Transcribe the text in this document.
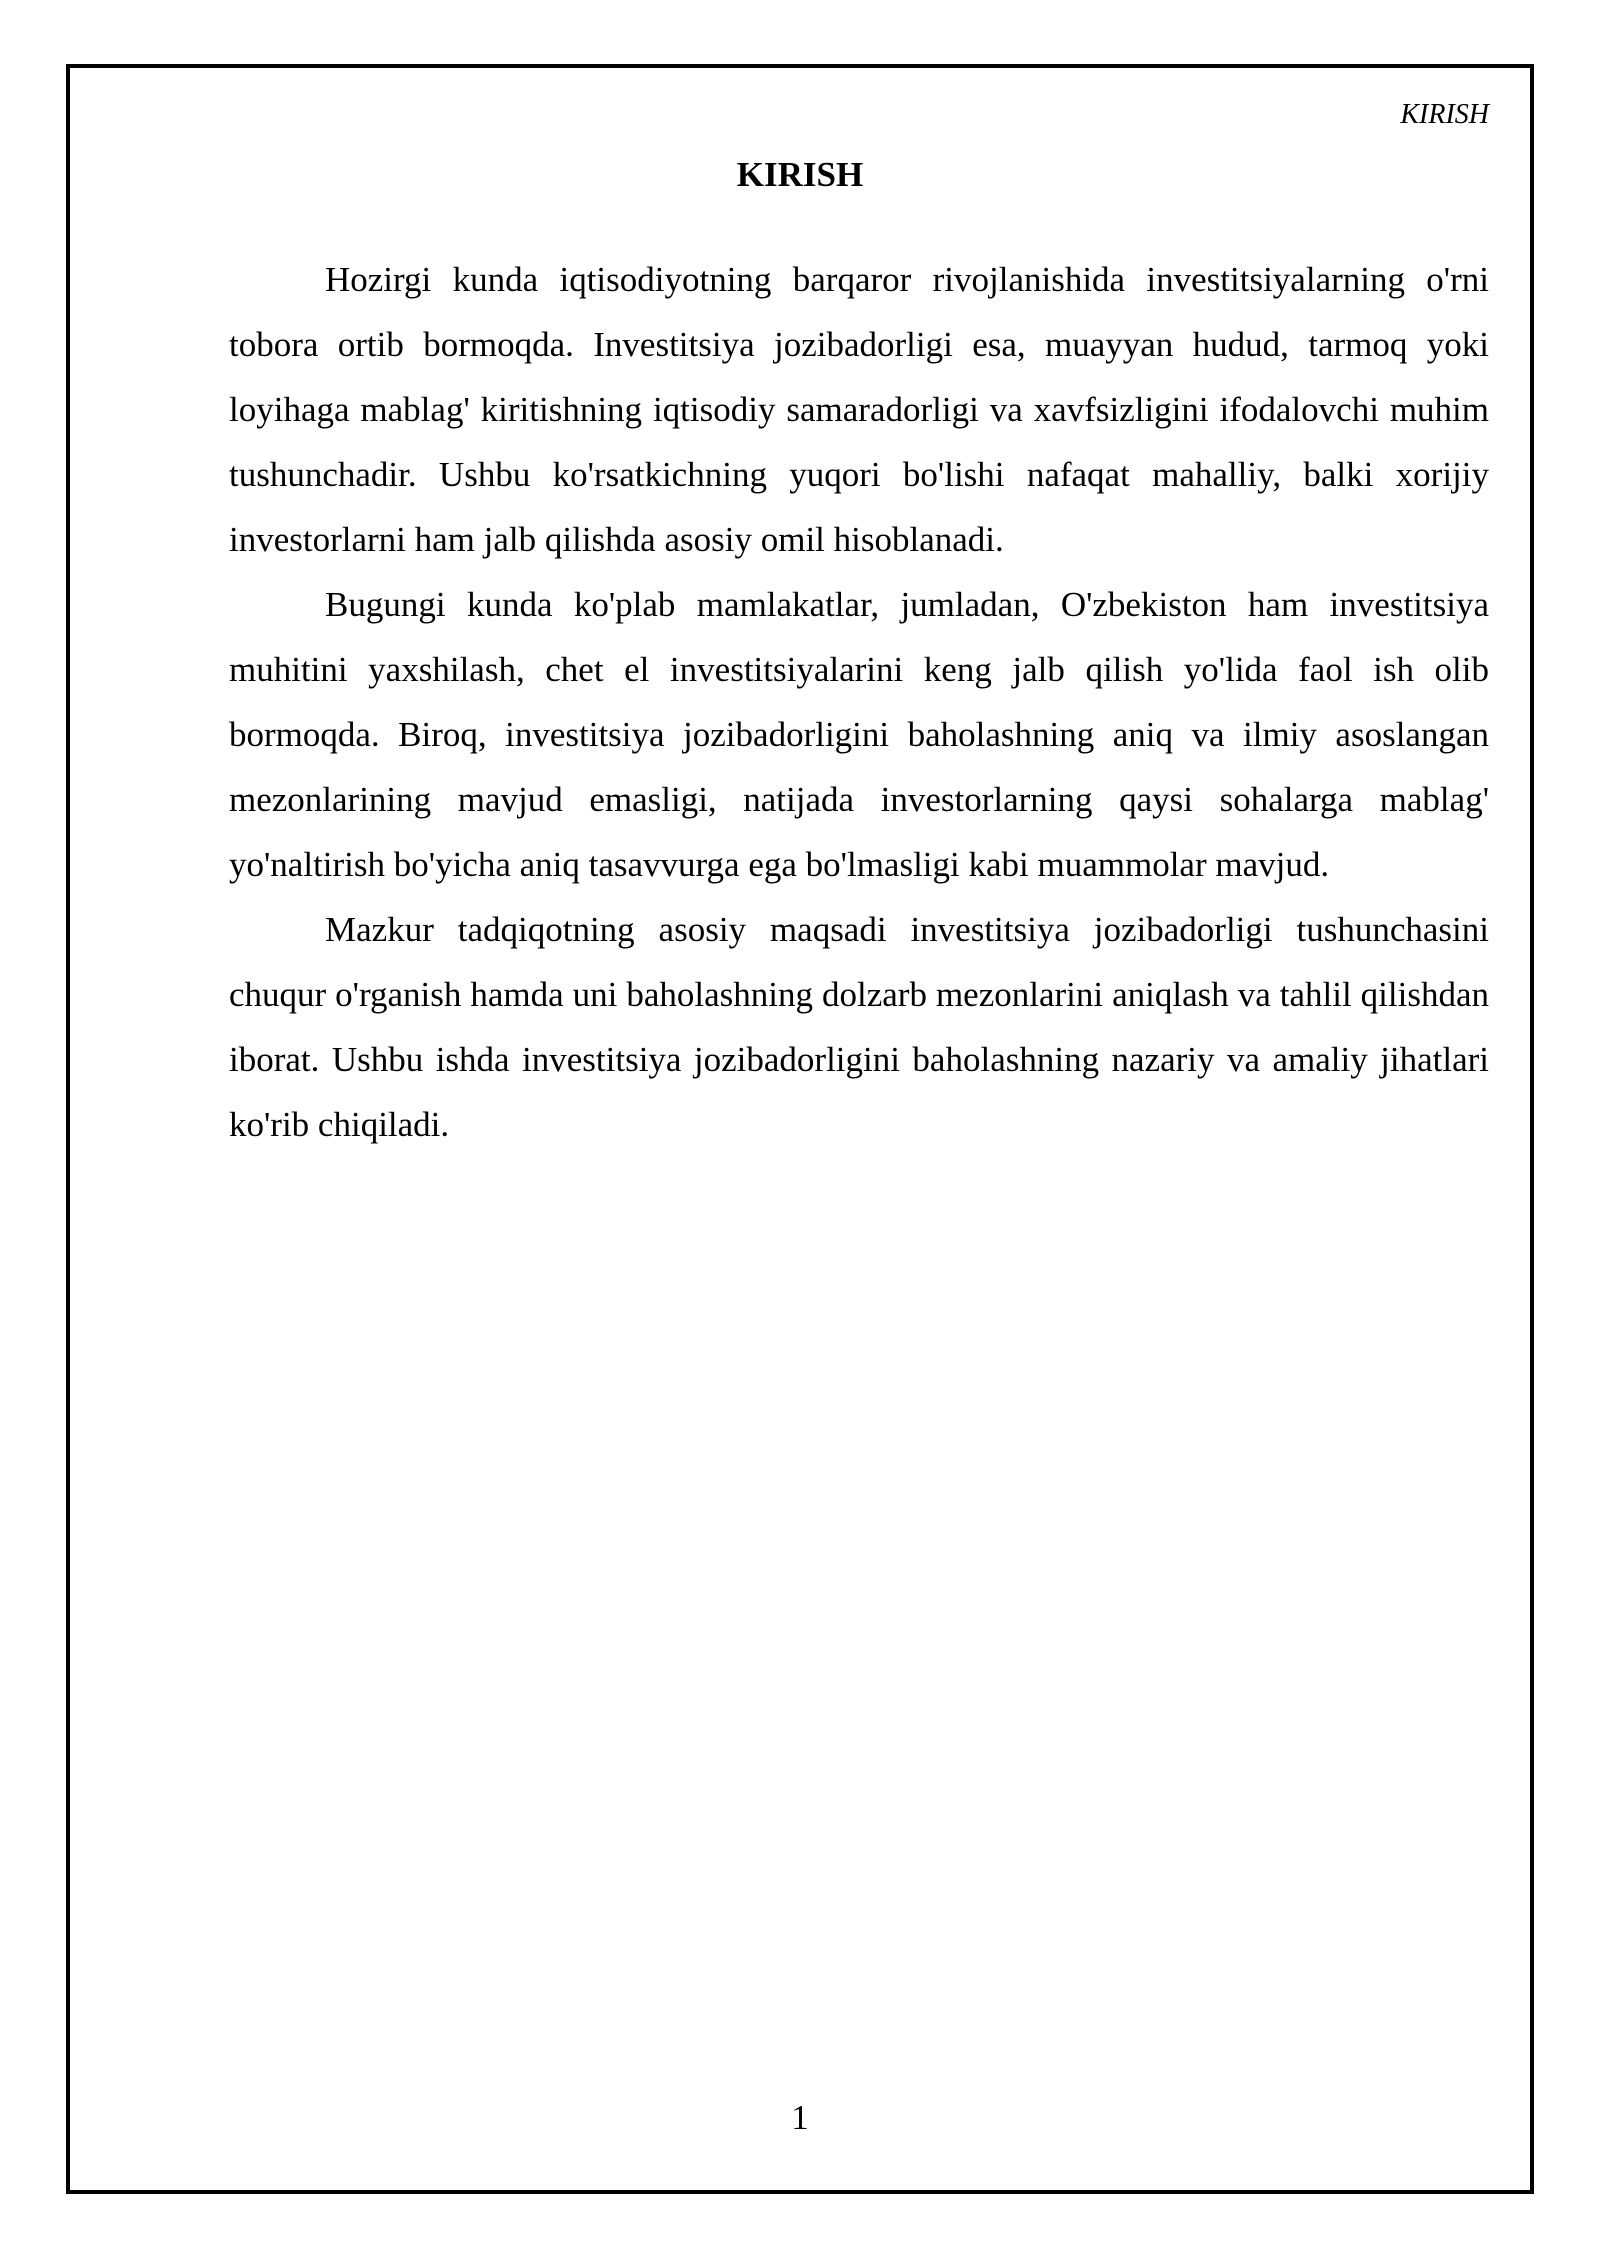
KIRISH
KIRISH

Hozirgi kunda iqtisodiyotning barqaror rivojlanishida investitsiyalarning o'rni tobora ortib bormoqda. Investitsiya jozibadorligi esa, muayyan hudud, tarmoq yoki loyihaga mablag' kiritishning iqtisodiy samaradorligi va xavfsizligini ifodalovchi muhim tushunchadir. Ushbu ko'rsatkichning yuqori bo'lishi nafaqat mahalliy, balki xorijiy investorlarni ham jalb qilishda asosiy omil hisoblanadi.

Bugungi kunda ko'plab mamlakatlar, jumladan, O'zbekiston ham investitsiya muhitini yaxshilash, chet el investitsiyalarini keng jalb qilish yo'lida faol ish olib bormoqda. Biroq, investitsiya jozibadorligini baholashning aniq va ilmiy asoslangan mezonlarining mavjud emasligi, natijada investorlarning qaysi sohalarga mablag' yo'naltirish bo'yicha aniq tasavvurga ega bo'lmasligi kabi muammolar mavjud.

Mazkur tadqiqotning asosiy maqsadi investitsiya jozibadorligi tushunchasini chuqur o'rganish hamda uni baholashning dolzarb mezonlarini aniqlash va tahlil qilishdan iborat. Ushbu ishda investitsiya jozibadorligini baholashning nazariy va amaliy jihatlari ko'rib chiqiladi.

1
